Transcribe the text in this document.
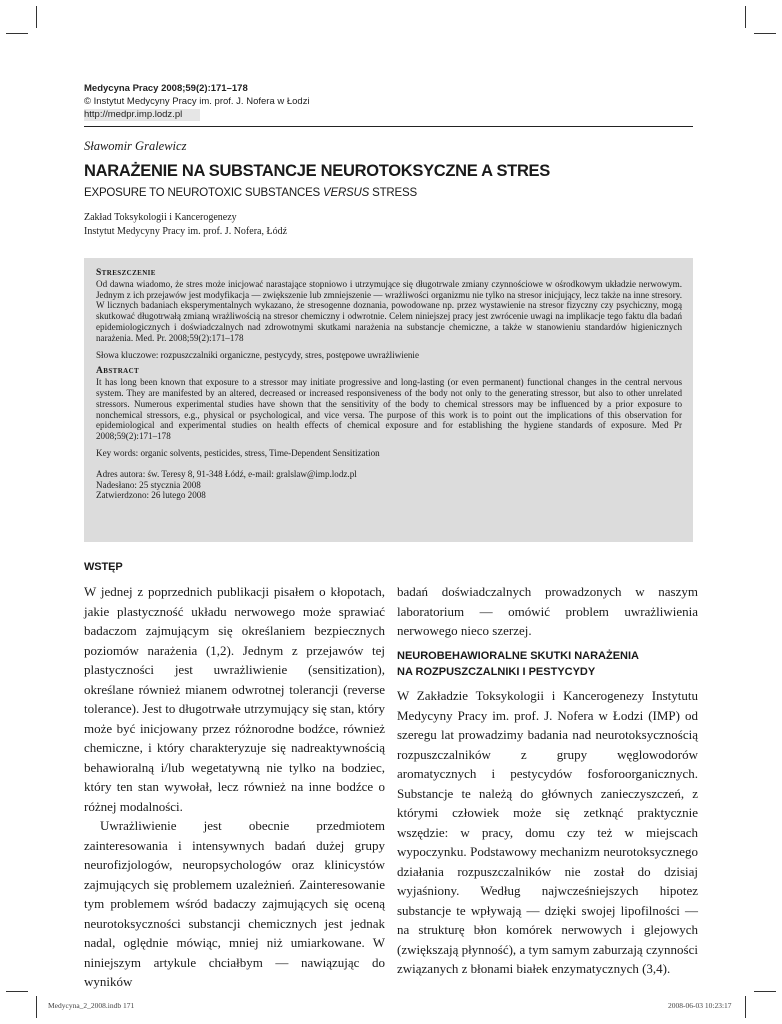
Medycyna Pracy 2008;59(2):171–178
© Instytut Medycyny Pracy im. prof. J. Nofera w Łodzi
http://medpr.imp.lodz.pl
Sławomir Gralewicz
NARAŻENIE NA SUBSTANCJE NEUROTOKSYCZNE A STRES
EXPOSURE TO NEUROTOXIC SUBSTANCES VERSUS STRESS
Zakład Toksykologii i Kancerogenezy
Instytut Medycyny Pracy im. prof. J. Nofera, Łódź
Streszczenie

Od dawna wiadomo, że stres może inicjować narastające stopniowo i utrzymujące się długotrwale zmiany czynnościowe w ośrodkowym układzie nerwowym. Jednym z ich przejawów jest modyfikacja — zwiększenie lub zmniejszenie — wrażliwości organizmu nie tylko na stresor inicjujący, lecz także na inne stresory. W licznych badaniach eksperymentalnych wykazano, że stresogenne doznania, powodowane np. przez wystawienie na stresor fizyczny czy psychiczny, mogą skutkować długotrwałą zmianą wrażliwością na stresor chemiczny i odwrotnie. Celem niniejszej pracy jest zwrócenie uwagi na implikacje tego faktu dla badań epidemiologicznych i doświadczalnych nad zdrowotnymi skutkami narażenia na substancje chemiczne, a także w stanowieniu standardów higienicznych narażenia. Med. Pr. 2008;59(2):171–178

Słowa kluczowe: rozpuszczalniki organiczne, pestycydy, stres, postępowe uwrażliwienie

Abstract

It has long been known that exposure to a stressor may initiate progressive and long-lasting (or even permanent) functional changes in the central nervous system. They are manifested by an altered, decreased or increased responsiveness of the body not only to the generating stressor, but also to other unrelated stressors. Numerous experimental studies have shown that the sensitivity of the body to chemical stressors may be influenced by a prior exposure to nonchemical stressors, e.g., physical or psychological, and vice versa. The purpose of this work is to point out the implications of this observation for epidemiological and experimental studies on health effects of chemical exposure and for establishing the hygiene standards of exposure. Med Pr 2008;59(2):171–178

Key words: organic solvents, pesticides, stress, Time-Dependent Sensitization

Adres autora: św. Teresy 8, 91-348 Łódź, e-mail: gralslaw@imp.lodz.pl

Nadesłano: 25 stycznia 2008

Zatwierdzono: 26 lutego 2008

WSTĘP

W jednej z poprzednich publikacji pisałem o kłopotach, jakie plastyczność układu nerwowego może sprawiać badaczom zajmującym się określaniem bezpiecznych poziomów narażenia (1,2). Jednym z przejawów tej plastyczności jest uwrażliwienie (sensitization), określane również mianem odwrotnej tolerancji (reverse tolerance). Jest to długotrwałe utrzymujący się stan, który może być inicjowany przez różnorodne bodźce, również chemiczne, i który charakteryzuje się nadreaktywnością behawioralną i/lub wegetatywną nie tylko na bodziec, który ten stan wywołał, lecz również na inne bodźce o różnej modalności.

Uwrażliwienie jest obecnie przedmiotem zainteresowania i intensywnych badań dużej grupy neurofizjologów, neuropsychologów oraz klinicystów zajmujących się problemem uzależnień. Zainteresowanie tym problemem wśród badaczy zajmujących się oceną neurotoksyczności substancji chemicznych jest jednak nadal, oględnie mówiąc, mniej niż umiarkowane. W niniejszym artykule chciałbym — nawiązując do wyników

badań doświadczalnych prowadzonych w naszym laboratorium — omówić problem uwrażliwienia nerwowego nieco szerzej.

NEUROBEHAWIORALNE SKUTKI NARAŻENIA
NA ROZPUSZCZALNIKI I PESTYCYDY

W Zakładzie Toksykologii i Kancerogenezy Instytutu Medycyny Pracy im. prof. J. Nofera w Łodzi (IMP) od szeregu lat prowadzimy badania nad neurotoksycznością rozpuszczalników z grupy węglowodorów aromatycznych i pestycydów fosforoorganicznych. Substancje te należą do głównych zanieczyszczeń, z którymi człowiek może się zetknąć praktycznie wszędzie: w pracy, domu czy też w miejscach wypoczynku. Podstawowy mechanizm neurotoksycznego działania rozpuszczalników nie został do dzisiaj wyjaśniony. Według najwcześniejszych hipotez substancje te wpływają — dzięki swojej lipofilności — na strukturę błon komórek nerwowych i glejowych (zwiększają płynność), a tym samym zaburzają czynności związanych z błonami białek enzymatycznych (3,4).

Medycyna_2_2008.indb 171	2008-06-03 10:23:17
